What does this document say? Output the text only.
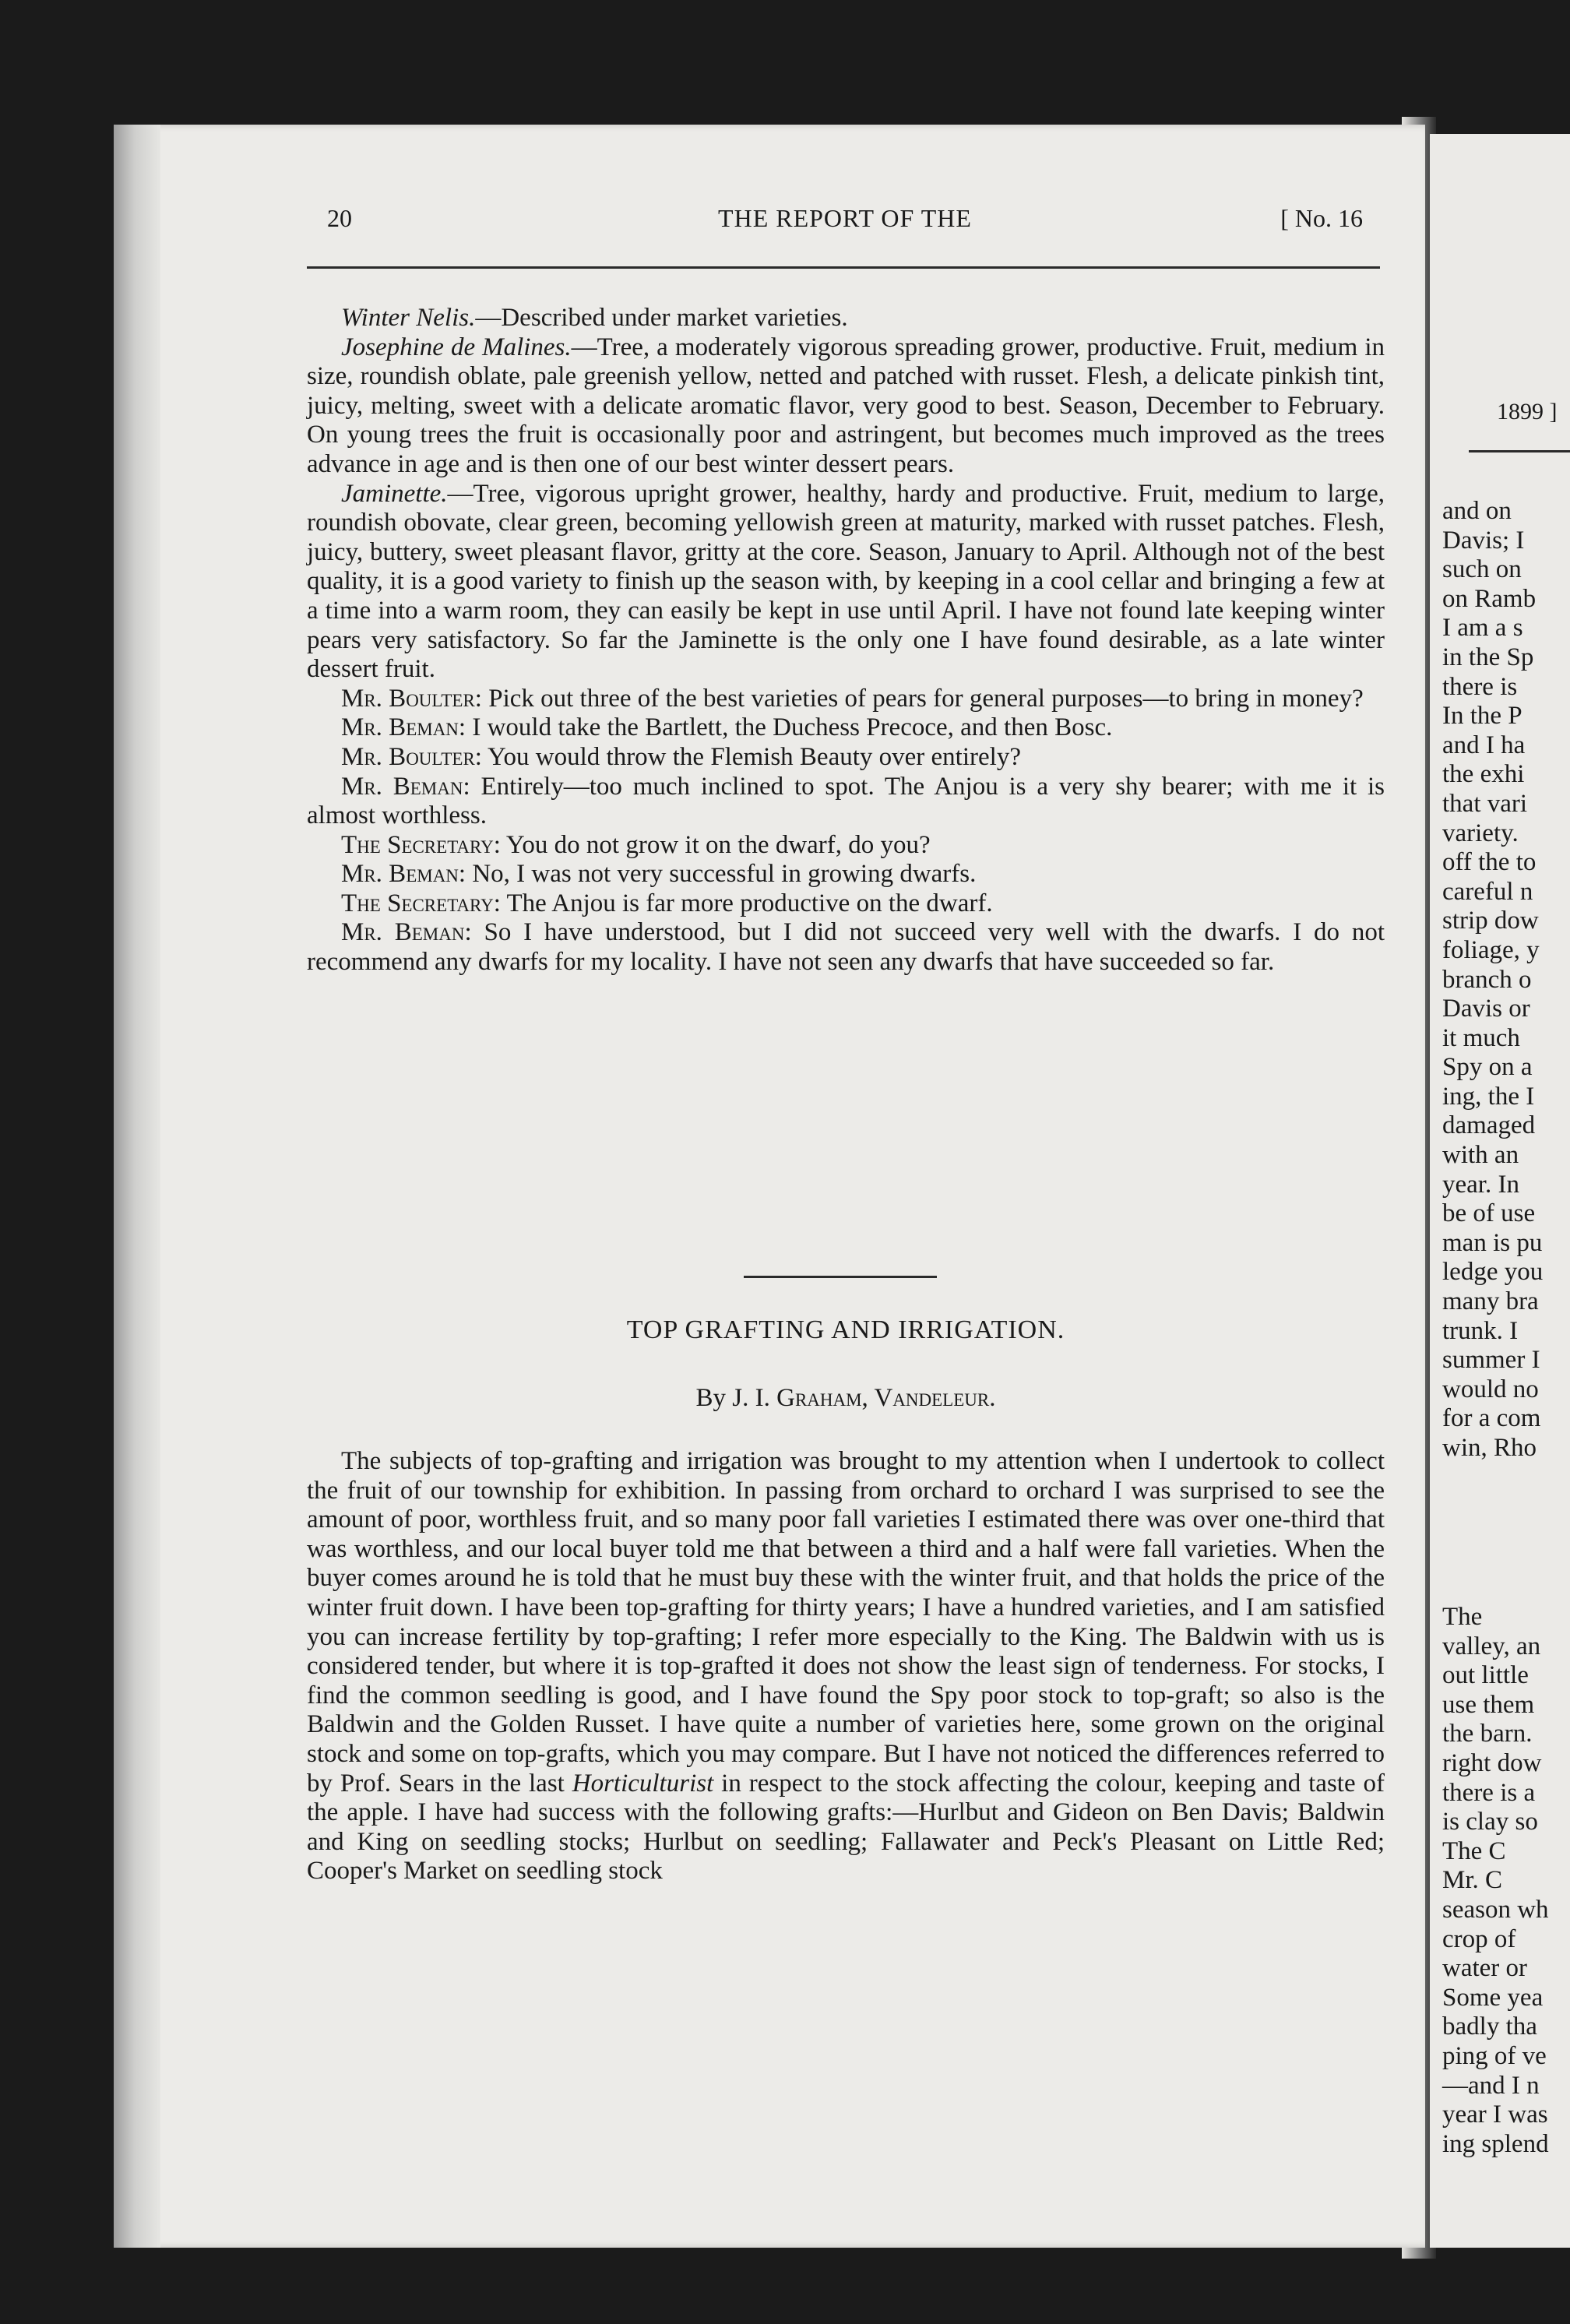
20	THE REPORT OF THE	[ No. 16

Winter Nelis.—Described under market varieties.

Josephine de Malines.—Tree, a moderately vigorous spreading grower, productive. Fruit, medium in size, roundish oblate, pale greenish yellow, netted and patched with russet. Flesh, a delicate pinkish tint, juicy, melting, sweet with a delicate aromatic flavor, very good to best. Season, December to February. On young trees the fruit is occasionally poor and astringent, but becomes much improved as the trees advance in age and is then one of our best winter dessert pears.

Jaminette.—Tree, vigorous upright grower, healthy, hardy and productive. Fruit, medium to large, roundish obovate, clear green, becoming yellowish green at maturity, marked with russet patches. Flesh, juicy, buttery, sweet pleasant flavor, gritty at the core. Season, January to April. Although not of the best quality, it is a good variety to finish up the season with, by keeping in a cool cellar and bringing a few at a time into a warm room, they can easily be kept in use until April. I have not found late keeping winter pears very satisfactory. So far the Jaminette is the only one I have found desirable, as a late winter dessert fruit.

Mr. Boulter: Pick out three of the best varieties of pears for general purposes—to bring in money?

Mr. Beman: I would take the Bartlett, the Duchess Precoce, and then Bosc.

Mr. Boulter: You would throw the Flemish Beauty over entirely?

Mr. Beman: Entirely—too much inclined to spot. The Anjou is a very shy bearer; with me it is almost worthless.

The Secretary: You do not grow it on the dwarf, do you?

Mr. Beman: No, I was not very successful in growing dwarfs.

The Secretary: The Anjou is far more productive on the dwarf.

Mr. Beman: So I have understood, but I did not succeed very well with the dwarfs. I do not recommend any dwarfs for my locality. I have not seen any dwarfs that have succeeded so far.

TOP GRAFTING AND IRRIGATION.
By J. I. Graham, Vandeleur.

The subjects of top-grafting and irrigation was brought to my attention when I undertook to collect the fruit of our township for exhibition. In passing from orchard to orchard I was surprised to see the amount of poor, worthless fruit, and so many poor fall varieties I estimated there was over one-third that was worthless, and our local buyer told me that between a third and a half were fall varieties. When the buyer comes around he is told that he must buy these with the winter fruit, and that holds the price of the winter fruit down. I have been top-grafting for thirty years; I have a hundred varieties, and I am satisfied you can increase fertility by top-grafting; I refer more especially to the King. The Baldwin with us is considered tender, but where it is top-grafted it does not show the least sign of tenderness. For stocks, I find the common seedling is good, and I have found the Spy poor stock to top-graft; so also is the Baldwin and the Golden Russet. I have quite a number of varieties here, some grown on the original stock and some on top-grafts, which you may compare. But I have not noticed the differences referred to by Prof. Sears in the last Horticulturist in respect to the stock affecting the colour, keeping and taste of the apple. I have had success with the following grafts:—Hurlbut and Gideon on Ben Davis; Baldwin and King on seedling stocks; Hurlbut on seedling; Fallawater and Peck's Pleasant on Little Red; Cooper's Market on seedling stock

1899 ]
and on
Davis; I
such on
on Ramb
I am a s
in the Sp
there is
In the P
and I ha
the exhi
that vari
variety.
off the to
careful n
strip dow
foliage, y
branch o
Davis or
it much
Spy on a
ing, the I
damaged
with an
year. In
be of use
man is pu
ledge you
many bra
trunk. I
summer I
would no
for a com
win, Rho
The
valley, an
out little
use them
the barn.
right dow
there is a
is clay so
The C
Mr. C
season wh
crop of
water or
Some yea
badly tha
ping of ve
—and I n
year I was
ing splend
